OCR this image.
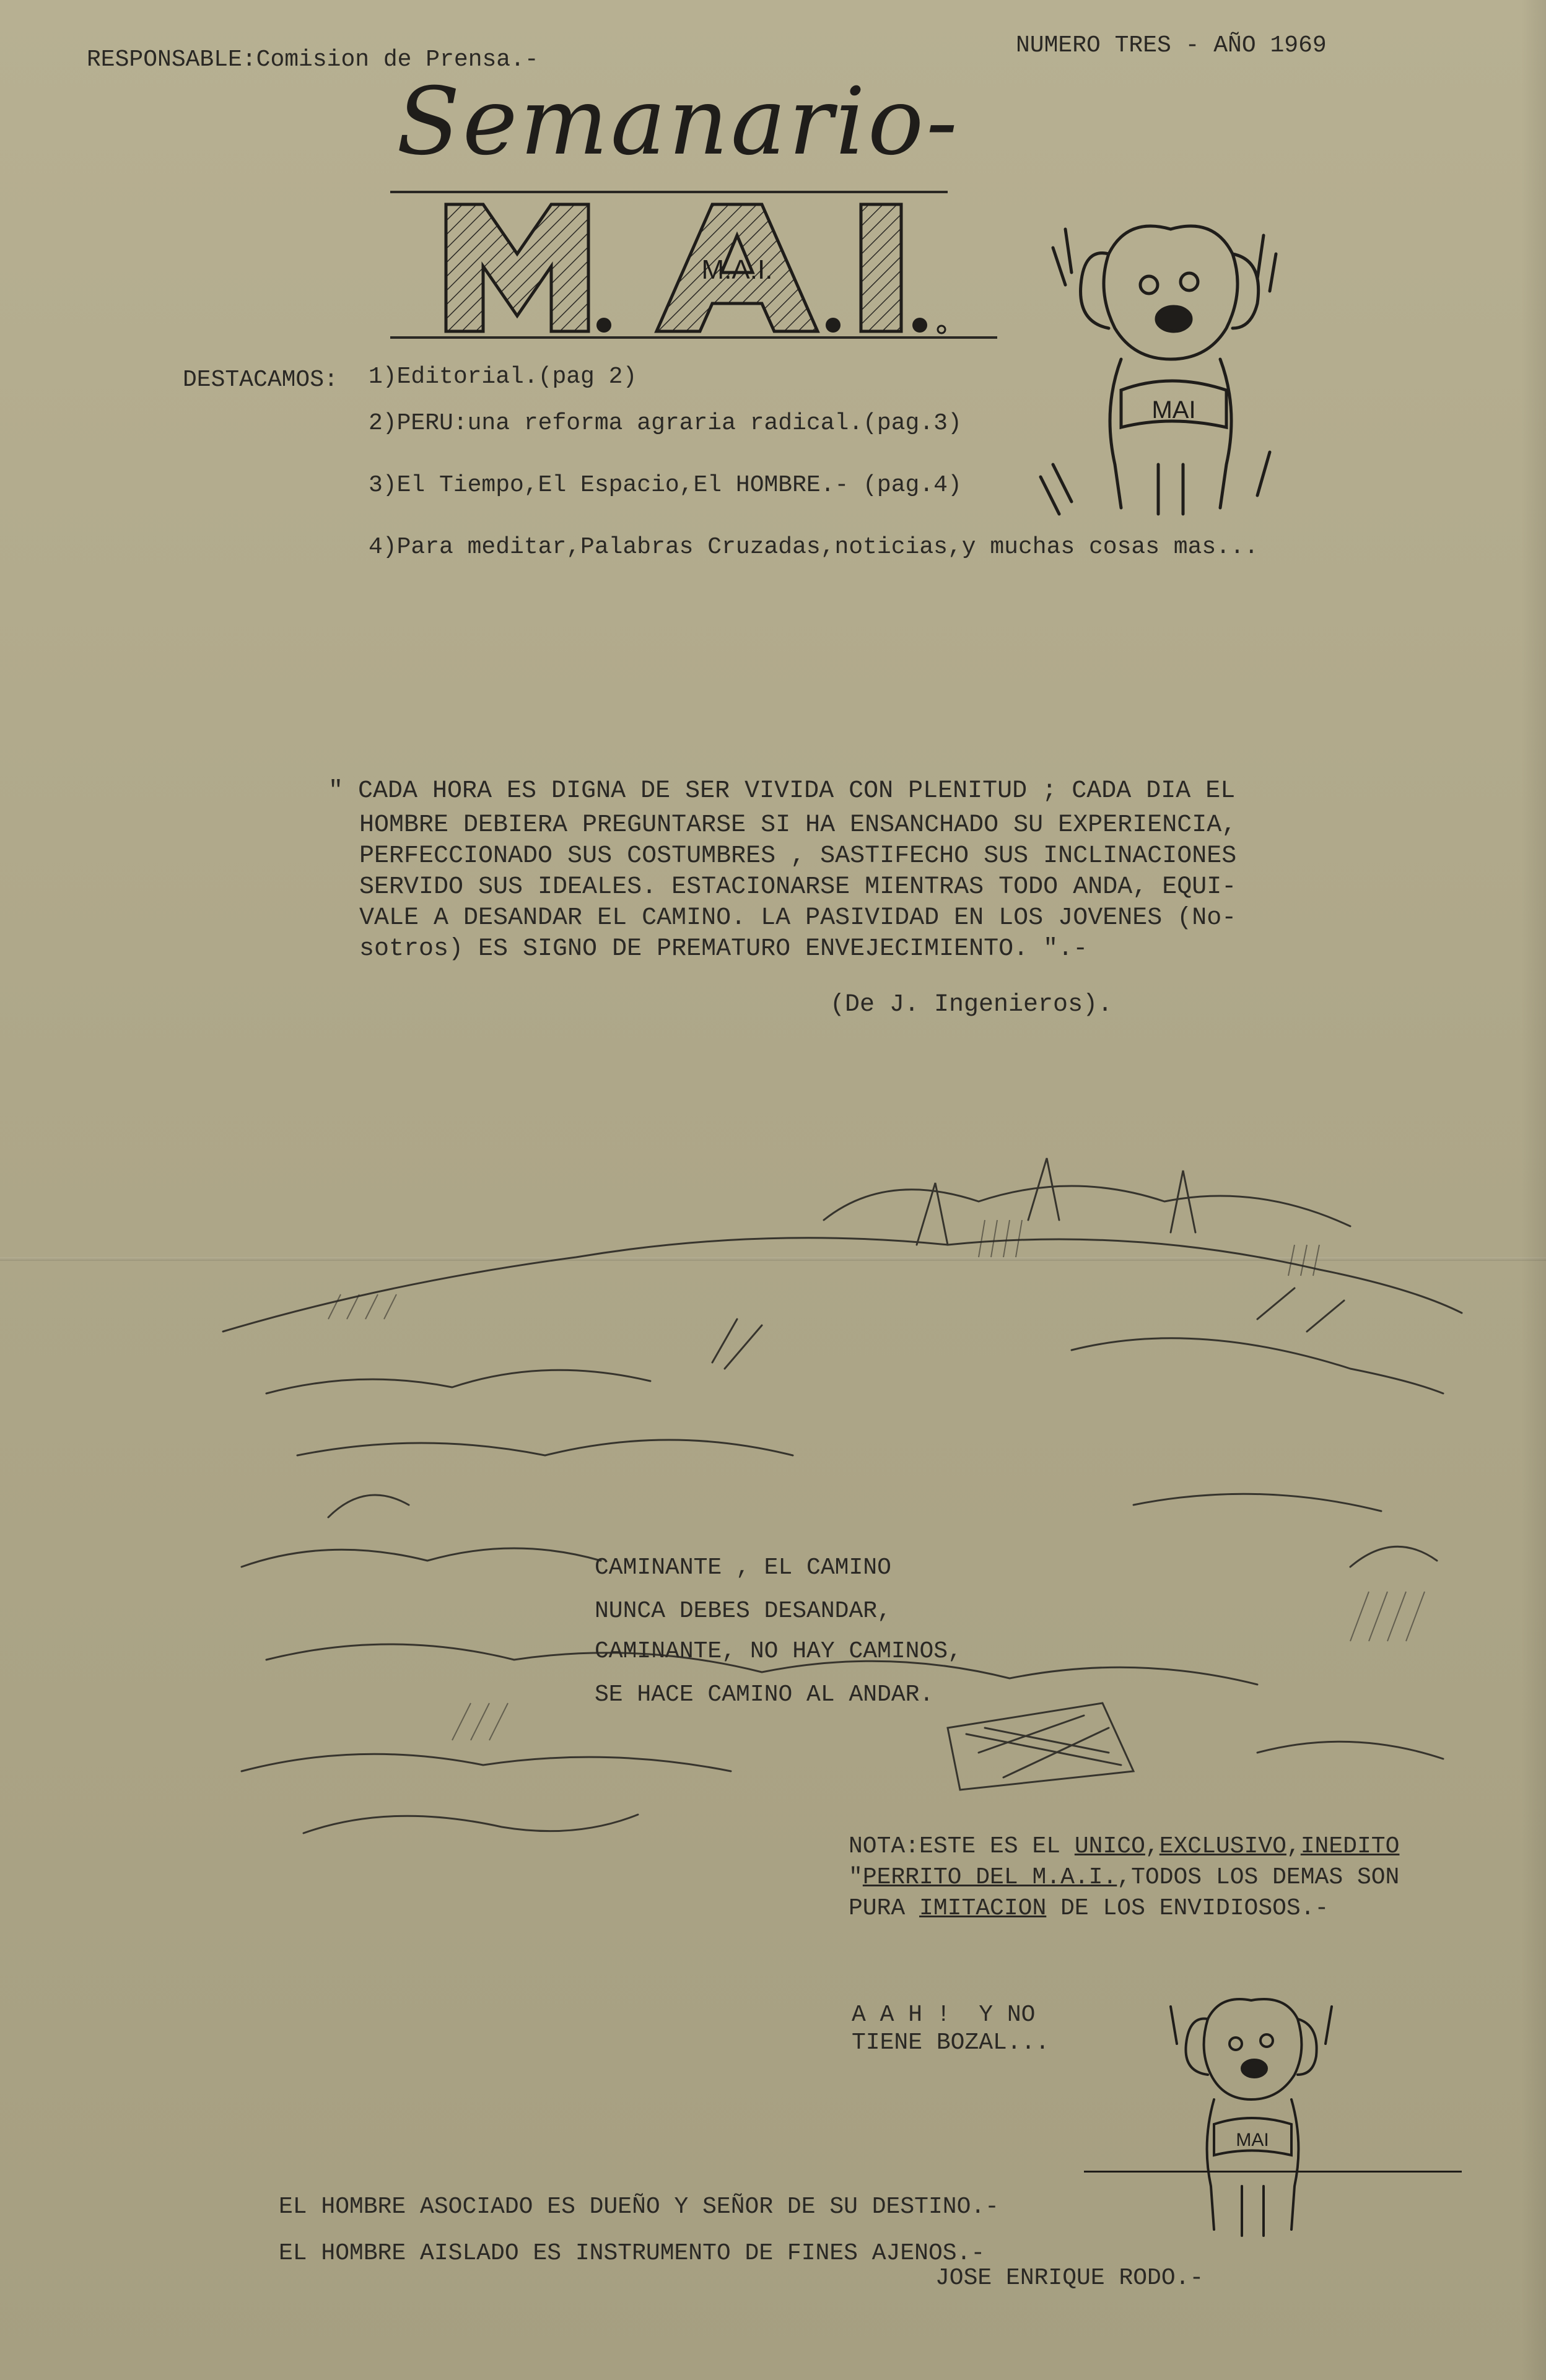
RESPONSABLE:Comision de Prensa.-
NUMERO TRES - AÑO 1969
Semanario-
M.A.I.
MAI
DESTACAMOS: 1)Editorial.(pag 2)
2)PERU:una reforma agraria radical.(pag.3)
3)El Tiempo,El Espacio,El HOMBRE.- (pag.4)
4)Para meditar,Palabras Cruzadas,noticias,y muchas cosas mas...
" CADA HORA ES DIGNA DE SER VIVIDA CON PLENITUD ; CADA DIA EL
HOMBRE DEBIERA PREGUNTARSE SI HA ENSANCHADO SU EXPERIENCIA,
PERFECCIONADO SUS COSTUMBRES , SASTIFECHO SUS INCLINACIONES
SERVIDO SUS IDEALES. ESTACIONARSE MIENTRAS TODO ANDA, EQUI-
VALE A DESANDAR EL CAMINO. LA PASIVIDAD EN LOS JOVENES (No-
sotros) ES SIGNO DE PREMATURO ENVEJECIMIENTO. ".-
(De J. Ingenieros).
CAMINANTE , EL CAMINO
NUNCA DEBES DESANDAR,
CAMINANTE, NO HAY CAMINOS,
SE HACE CAMINO AL ANDAR.
NOTA:ESTE ES EL UNICO,EXCLUSIVO,INEDITO
"PERRITO DEL M.A.I.,TODOS LOS DEMAS SON
PURA IMITACION DE LOS ENVIDIOSOS.-
A A H !  Y NO
TIENE BOZAL...
MAI
EL HOMBRE ASOCIADO ES DUEÑO Y SEÑOR DE SU DESTINO.-
EL HOMBRE AISLADO ES INSTRUMENTO DE FINES AJENOS.-
JOSE ENRIQUE RODO.-
